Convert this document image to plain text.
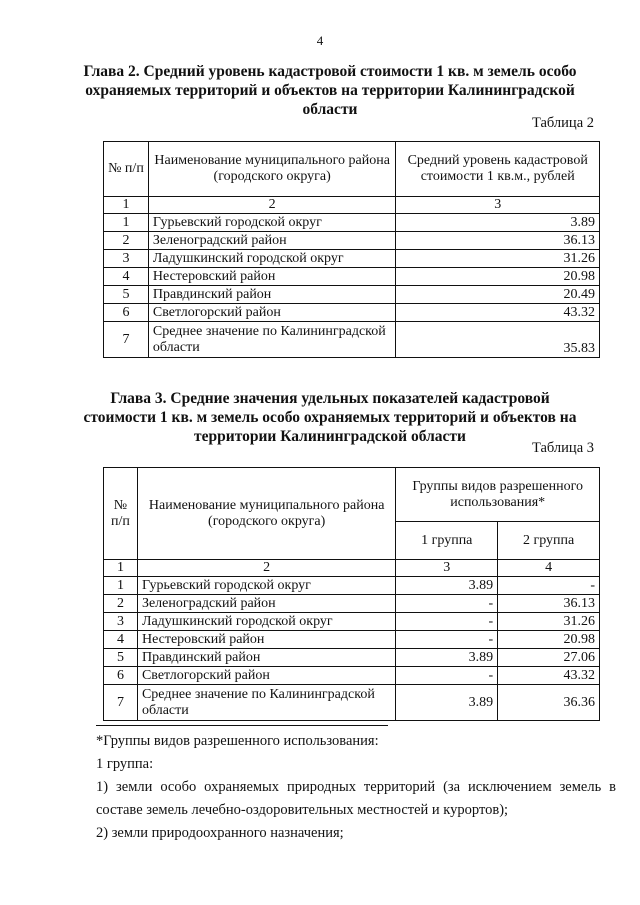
4
Глава 2. Средний уровень кадастровой стоимости 1 кв. м земель особо
охраняемых территорий и объектов на территории Калининградской
области
Таблица 2
№ п/п	Наименование муниципального района (городского округа)	Средний уровень кадастровой стоимости 1 кв.м., рублей
1	2	3
1	Гурьевский городской округ	3.89
2	Зеленоградский район	36.13
3	Ладушкинский городской округ	31.26
4	Нестеровский район	20.98
5	Правдинский район	20.49
6	Светлогорский район	43.32
7	Среднее значение по Калининградской области	35.83
Глава 3. Средние значения удельных показателей кадастровой
стоимости 1 кв. м земель особо охраняемых территорий и объектов на
территории Калининградской области
Таблица 3
№ п/п	Наименование муниципального района (городского округа)	Группы видов разрешенного использования*	
		1 группа	2 группа
1	2	3	4
1	Гурьевский городской округ	3.89	-
2	Зеленоградский район	-	36.13
3	Ладушкинский городской округ	-	31.26
4	Нестеровский район	-	20.98
5	Правдинский район	3.89	27.06
6	Светлогорский район	-	43.32
7	Среднее значение по Калининградской области	3.89	36.36
*Группы видов разрешенного использования:
1 группа:
1) земли особо охраняемых природных территорий (за исключением земель в составе земель лечебно-оздоровительных местностей и курортов);
2) земли природоохранного назначения;
